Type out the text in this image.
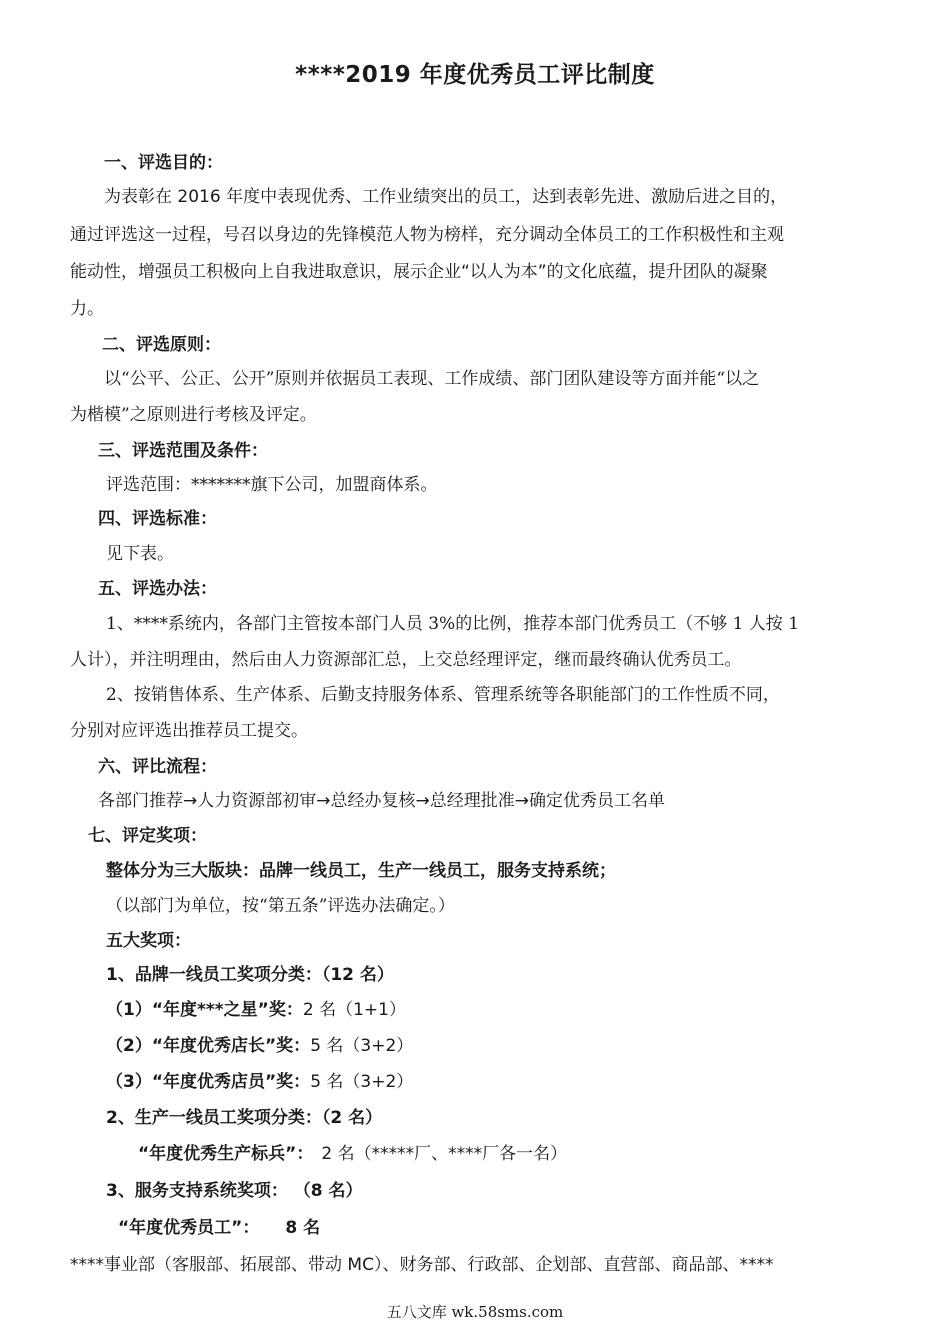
****2019 年度优秀员工评比制度
一、评选目的：
为表彰在 2016 年度中表现优秀、工作业绩突出的员工，达到表彰先进、激励后进之目的，
通过评选这一过程，号召以身边的先锋模范人物为榜样，充分调动全体员工的工作积极性和主观
能动性，增强员工积极向上自我进取意识，展示企业“以人为本”的文化底蕴，提升团队的凝聚
力。
二、评选原则：
以“公平、公正、公开”原则并依据员工表现、工作成绩、部门团队建设等方面并能“以之
为楷模”之原则进行考核及评定。
三、评选范围及条件：
评选范围：*******旗下公司，加盟商体系。
四、评选标准：
见下表。
五、评选办法：
1、****系统内，各部门主管按本部门人员 3%的比例，推荐本部门优秀员工（不够 1 人按 1
人计），并注明理由，然后由人力资源部汇总，上交总经理评定，继而最终确认优秀员工。
2、按销售体系、生产体系、后勤支持服务体系、管理系统等各职能部门的工作性质不同，
分别对应评选出推荐员工提交。
六、评比流程：
各部门推荐→人力资源部初审→总经办复核→总经理批准→确定优秀员工名单
七、评定奖项：
整体分为三大版块：品牌一线员工，生产一线员工，服务支持系统；
（以部门为单位，按“第五条”评选办法确定。）
五大奖项：
1、品牌一线员工奖项分类：（12 名）
（1）“年度***之星”奖：2 名（1+1）
（2）“年度优秀店长”奖：5 名（3+2）
（3）“年度优秀店员”奖：5 名（3+2）
2、生产一线员工奖项分类：（2 名）
“年度优秀生产标兵”： 2 名（*****厂、****厂各一名）
3、服务支持系统奖项： （8 名）
“年度优秀员工”： 8 名
****事业部（客服部、拓展部、带动 MC）、财务部、行政部、企划部、直营部、商品部、****
五八文库 wk.58sms.com
